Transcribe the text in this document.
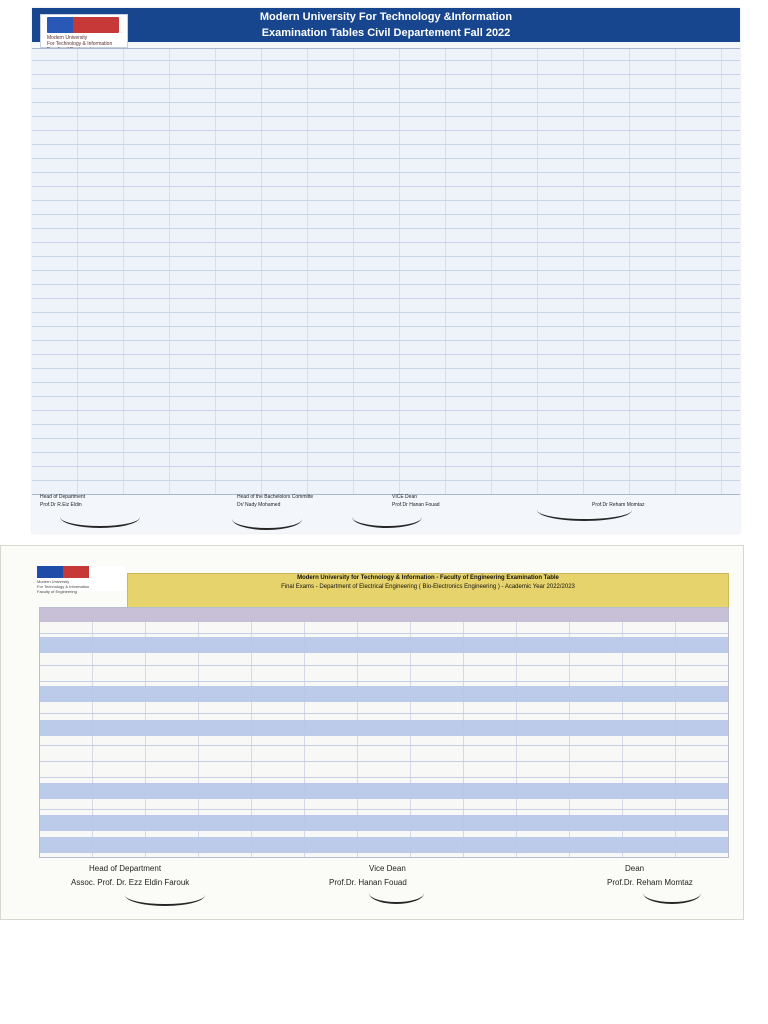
Modern University For Technology &Information
Examination Tables Civil Departement Fall 2022
Modern University
For Technology & Information
Head of Department
Prof.Dr R.Eiz Eldin
Head of the Bachelolors Committe
Dr/ Nady Mohamed
VICE Dean
Prof.Dr Hanan Fouad	Prof.Dr Reham Momtaz
Modern University
For Technology & Information
Faculty of Engineering
Modern University for Technology & Information - Faculty of Engineering Examination Table
Final Exams - Department of Electrical Engineering ( Bio-Electronics Engineering ) - Academic Year 2022/2023
Head of Department
Assoc. Prof. Dr. Ezz Eldin Farouk
Vice Dean
Prof.Dr. Hanan Fouad
Dean
Prof.Dr. Reham Momtaz
